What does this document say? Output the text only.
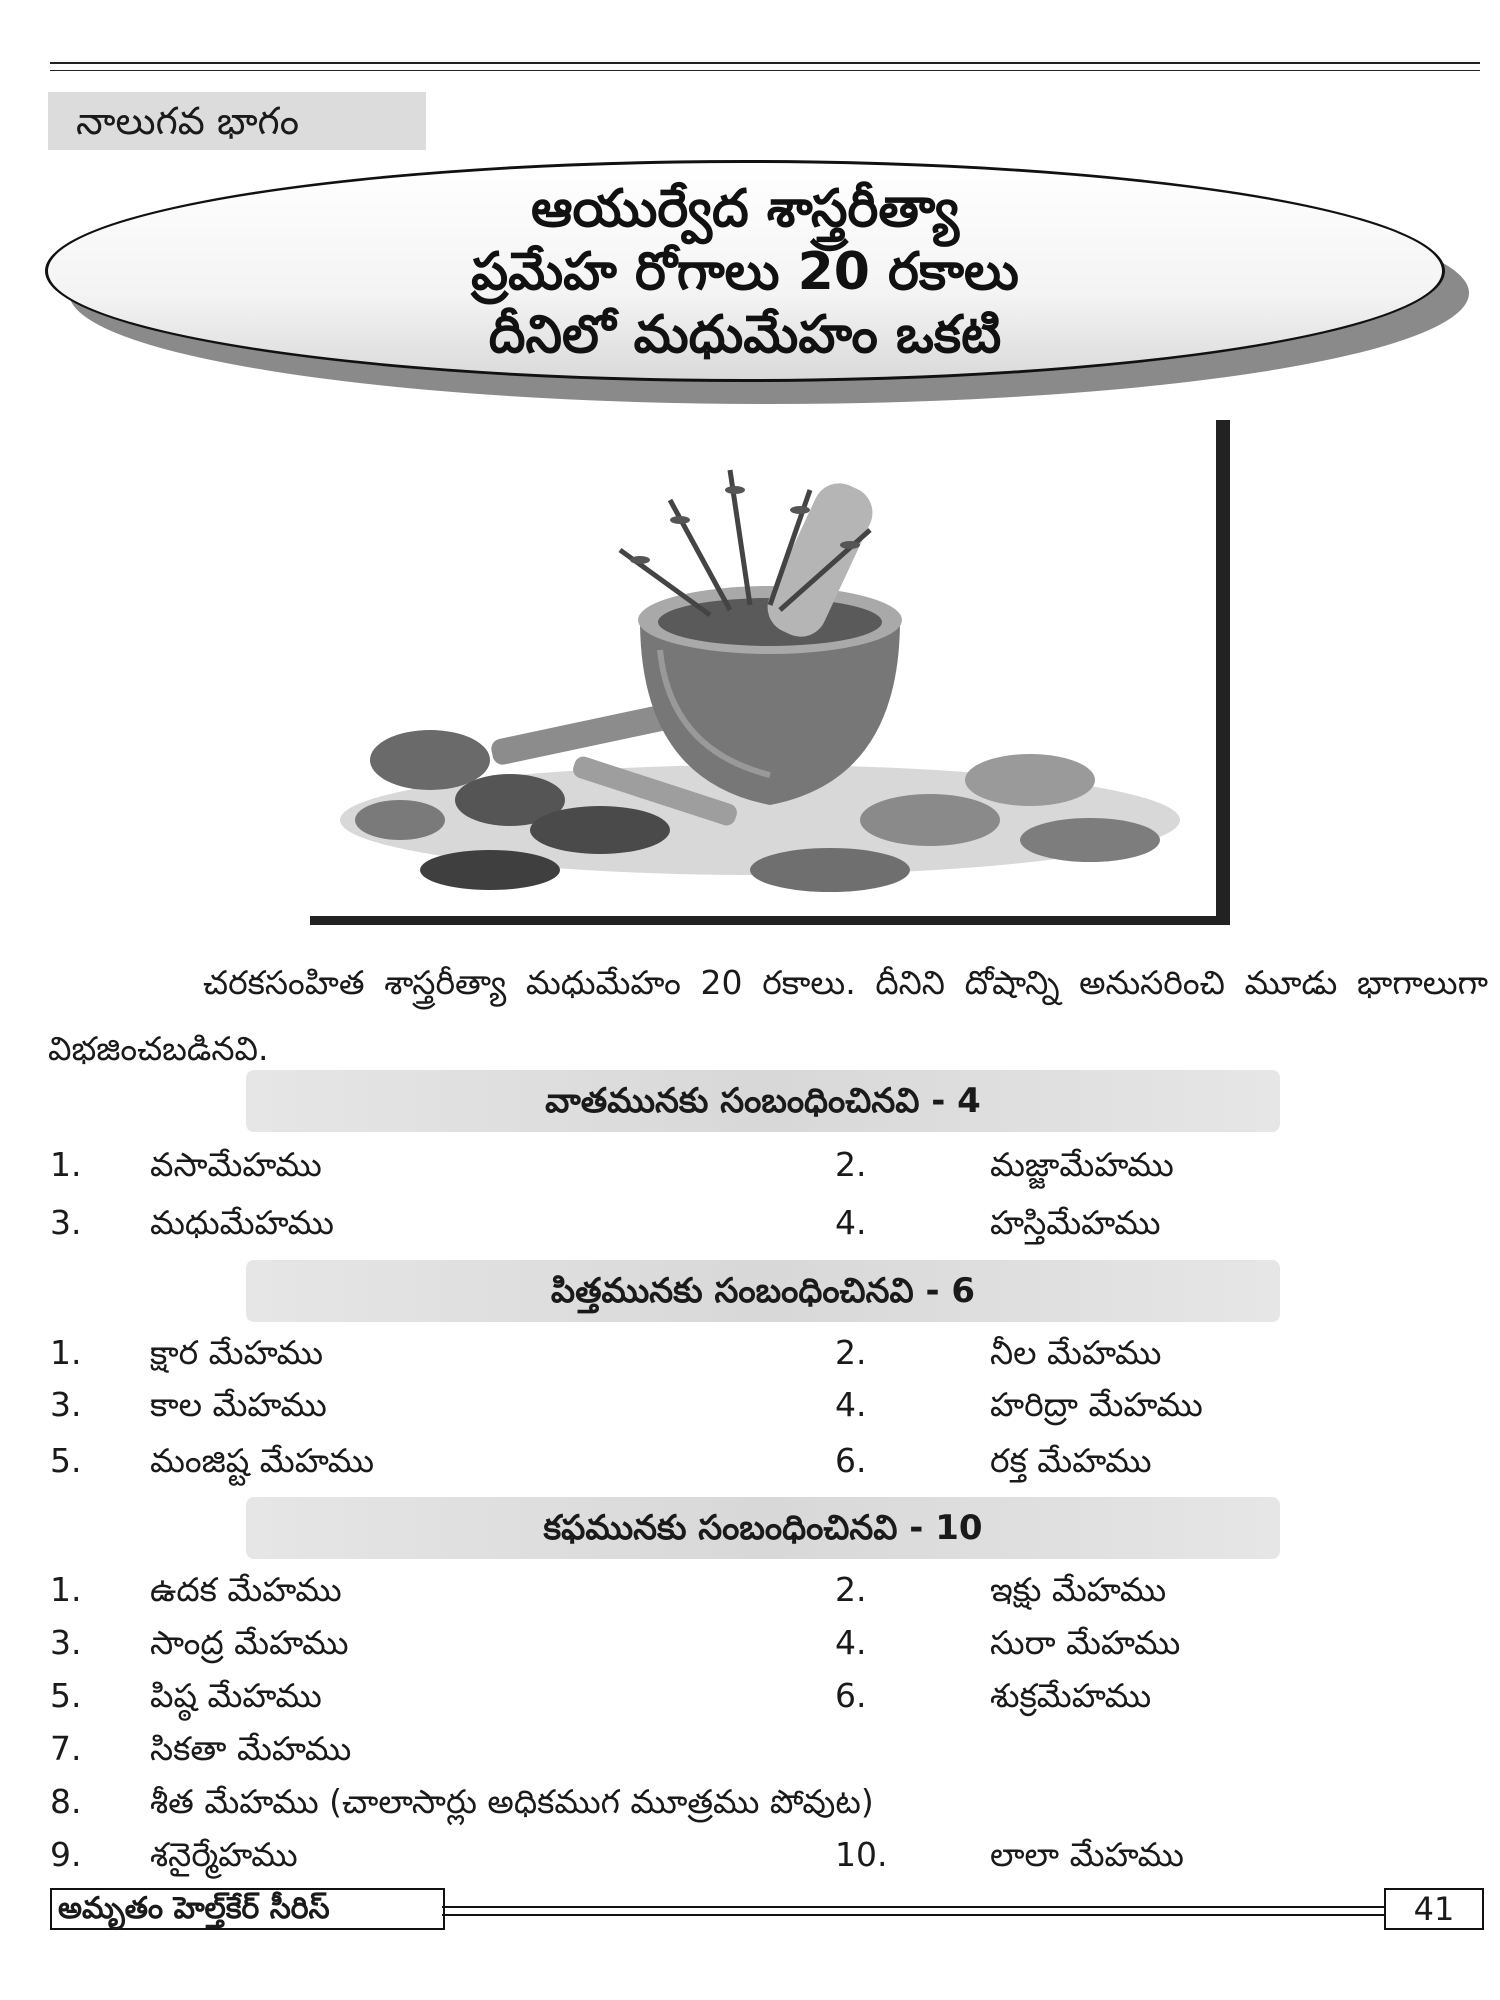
నాలుగవ భాగం
ఆయుర్వేద శాస్త్రరీత్యా
ప్రమేహ రోగాలు 20 రకాలు
దీనిలో మధుమేహం ఒకటి
చరకసంహిత శాస్త్రరీత్యా మధుమేహం 20 రకాలు. దీనిని దోషాన్ని అనుసరించి మూడు భాగాలుగా విభజించబడినవి.
వాతమునకు సంబంధించినవి - 4
1. వసామేహము	2.	మజ్జామేహము
3. మధుమేహము	4.	హస్తిమేహము
పిత్తమునకు సంబంధించినవి - 6
1. క్షార మేహము	2.	నీల మేహము
3. కాల మేహము	4.	హరిద్రా మేహము
5. మంజిష్ట మేహము	6.	రక్త మేహము
కఫమునకు సంబంధించినవి - 10
1. ఉదక మేహము	2.	ఇక్షు మేహము
3. సాంద్ర మేహము	4.	సురా మేహము
5. పిష్ఠ మేహము	6.	శుక్రమేహము
7. సికతా మేహము
8. శీత మేహము (చాలాసార్లు అధికముగ మూత్రము పోవుట)
9. శనైర్మేహము	10.	లాలా మేహము
అమృతం హెల్త్‌కేర్ సీరిస్	41
